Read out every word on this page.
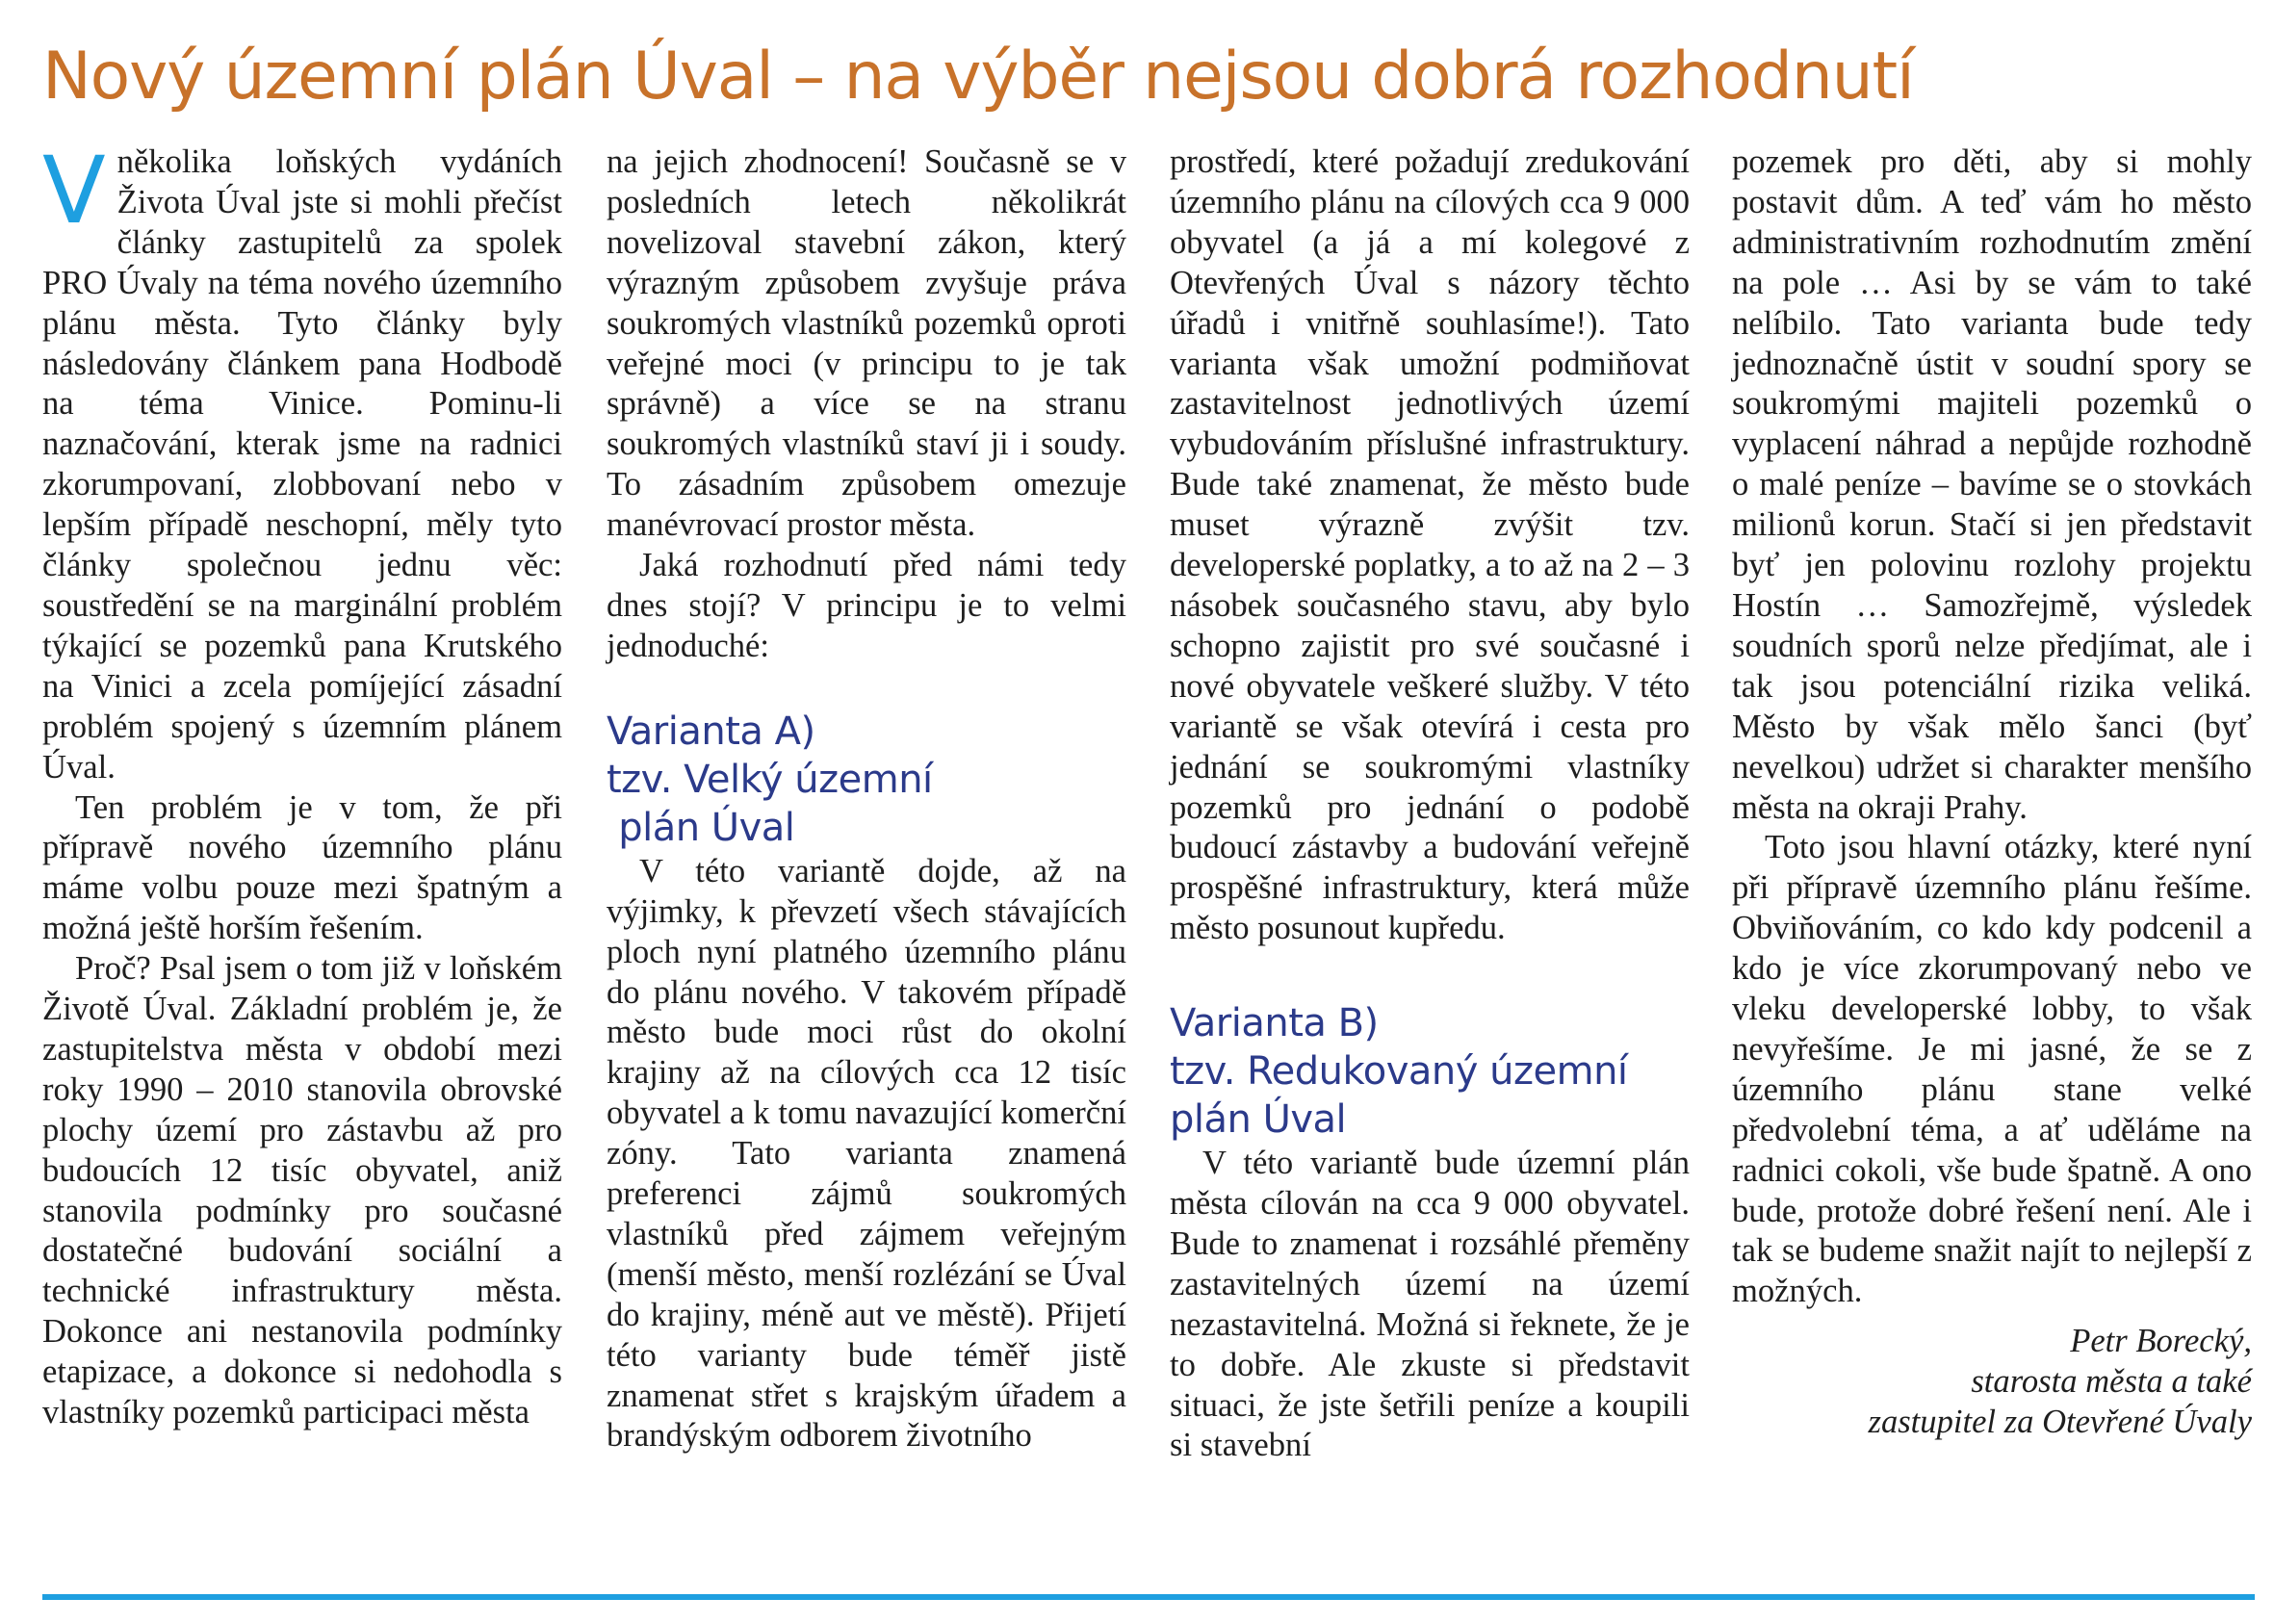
Nový územní plán Úval – na výběr nejsou dobrá rozhodnutí

Vněkolika loňských vydáních Života Úval jste si mohli přečíst články zastupitelů za spolek PRO Úvaly na téma nového územního plánu města. Tyto články byly následovány článkem pana Hodbodě na téma Vinice. Pominu-li naznačování, kterak jsme na radnici zkorumpovaní, zlobbovaní nebo v lepším případě neschopní, měly tyto články společnou jednu věc: soustředění se na marginální problém týkající se pozemků pana Krutského na Vinici a zcela pomíjející zásadní problém spojený s územním plánem Úval.

Ten problém je v tom, že při přípravě nového územního plánu máme volbu pouze mezi špatným a možná ještě horším řešením.

Proč? Psal jsem o tom již v loňském Životě Úval. Základní problém je, že zastupitelstva města v období mezi roky 1990 – 2010 stanovila obrovské plochy území pro zástavbu až pro budoucích 12 tisíc obyvatel, aniž stanovila podmínky pro současné dostatečné budování sociální a technické infrastruktury města. Dokonce ani nestanovila podmínky etapizace, a dokonce si nedohodla s vlastníky pozemků participaci města

na jejich zhodnocení! Současně se v posledních letech několikrát novelizoval stavební zákon, který výrazným způsobem zvyšuje práva soukromých vlastníků pozemků oproti veřejné moci (v principu to je tak správně) a více se na stranu soukromých vlastníků staví ji i soudy. To zásadním způsobem omezuje manévrovací prostor města.

Jaká rozhodnutí před námi tedy dnes stojí? V principu je to velmi jednoduché:

Varianta A)
tzv. Velký územní
plán Úval

V této variantě dojde, až na výjimky, k převzetí všech stávajících ploch nyní platného územního plánu do plánu nového. V takovém případě město bude moci růst do okolní krajiny až na cílových cca 12 tisíc obyvatel a k tomu navazující komerční zóny. Tato varianta znamená preferenci zájmů soukromých vlastníků před zájmem veřejným (menší město, menší rozlézání se Úval do krajiny, méně aut ve městě). Přijetí této varianty bude téměř jistě znamenat střet s krajským úřadem a brandýským odborem životního

prostředí, které požadují zredukování územního plánu na cílových cca 9 000 obyvatel (a já a mí kolegové z Otevřených Úval s názory těchto úřadů i vnitřně souhlasíme!). Tato varianta však umožní podmiňovat zastavitelnost jednotlivých území vybudováním příslušné infrastruktury. Bude také znamenat, že město bude muset výrazně zvýšit tzv. developerské poplatky, a to až na 2 – 3 násobek současného stavu, aby bylo schopno zajistit pro své současné i nové obyvatele veškeré služby. V této variantě se však otevírá i cesta pro jednání se soukromými vlastníky pozemků pro jednání o podobě budoucí zástavby a budování veřejně prospěšné infrastruktury, která může město posunout kupředu.

Varianta B)
tzv. Redukovaný územní
plán Úval

V této variantě bude územní plán města cílován na cca 9 000 obyvatel. Bude to znamenat i rozsáhlé přeměny zastavitelných území na území nezastavitelná. Možná si řeknete, že je to dobře. Ale zkuste si představit situaci, že jste šetřili peníze a koupili si stavební

pozemek pro děti, aby si mohly postavit dům. A teď vám ho město administrativním rozhodnutím změní na pole … Asi by se vám to také nelíbilo. Tato varianta bude tedy jednoznačně ústit v soudní spory se soukromými majiteli pozemků o vyplacení náhrad a nepůjde rozhodně o malé peníze – bavíme se o stovkách milionů korun. Stačí si jen představit byť jen polovinu rozlohy projektu Hostín … Samozřejmě, výsledek soudních sporů nelze předjímat, ale i tak jsou potenciální rizika veliká. Město by však mělo šanci (byť nevelkou) udržet si charakter menšího města na okraji Prahy.

Toto jsou hlavní otázky, které nyní při přípravě územního plánu řešíme. Obviňováním, co kdo kdy podcenil a kdo je více zkorumpovaný nebo ve vleku developerské lobby, to však nevyřešíme. Je mi jasné, že se z územního plánu stane velké předvolební téma, a ať uděláme na radnici cokoli, vše bude špatně. A ono bude, protože dobré řešení není. Ale i tak se budeme snažit najít to nejlepší z možných.

Petr Borecký,
starosta města a také
zastupitel za Otevřené Úvaly
